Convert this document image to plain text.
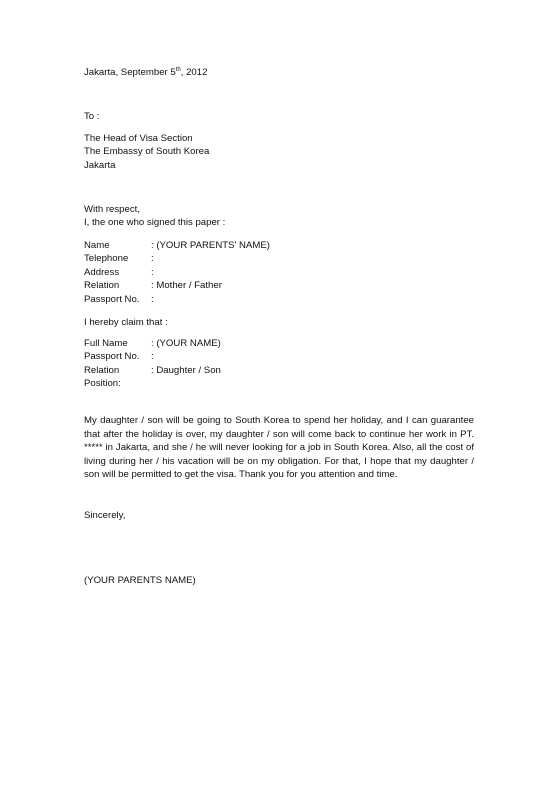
Jakarta, September 5th, 2012
To :
The Head of Visa Section
The Embassy of South Korea
Jakarta
With respect,
I, the one who signed this paper :
Name	: (YOUR PARENTS' NAME)
Telephone :
Address	:
Relation	: Mother / Father
Passport No. :
I hereby claim that :
Full Name : (YOUR NAME)
Passport No. :
Relation	: Daughter / Son
Position:
My daughter / son will be going to South Korea to spend her holiday, and I can guarantee that after the holiday is over, my daughter / son will come back to continue her work in PT. ***** in Jakarta, and she / he will never looking for a job in South Korea. Also, all the cost of living during her / his vacation will be on my obligation. For that, I hope that my daughter / son will be permitted to get the visa. Thank you for you attention and time.
Sincerely,
(YOUR PARENTS NAME)
